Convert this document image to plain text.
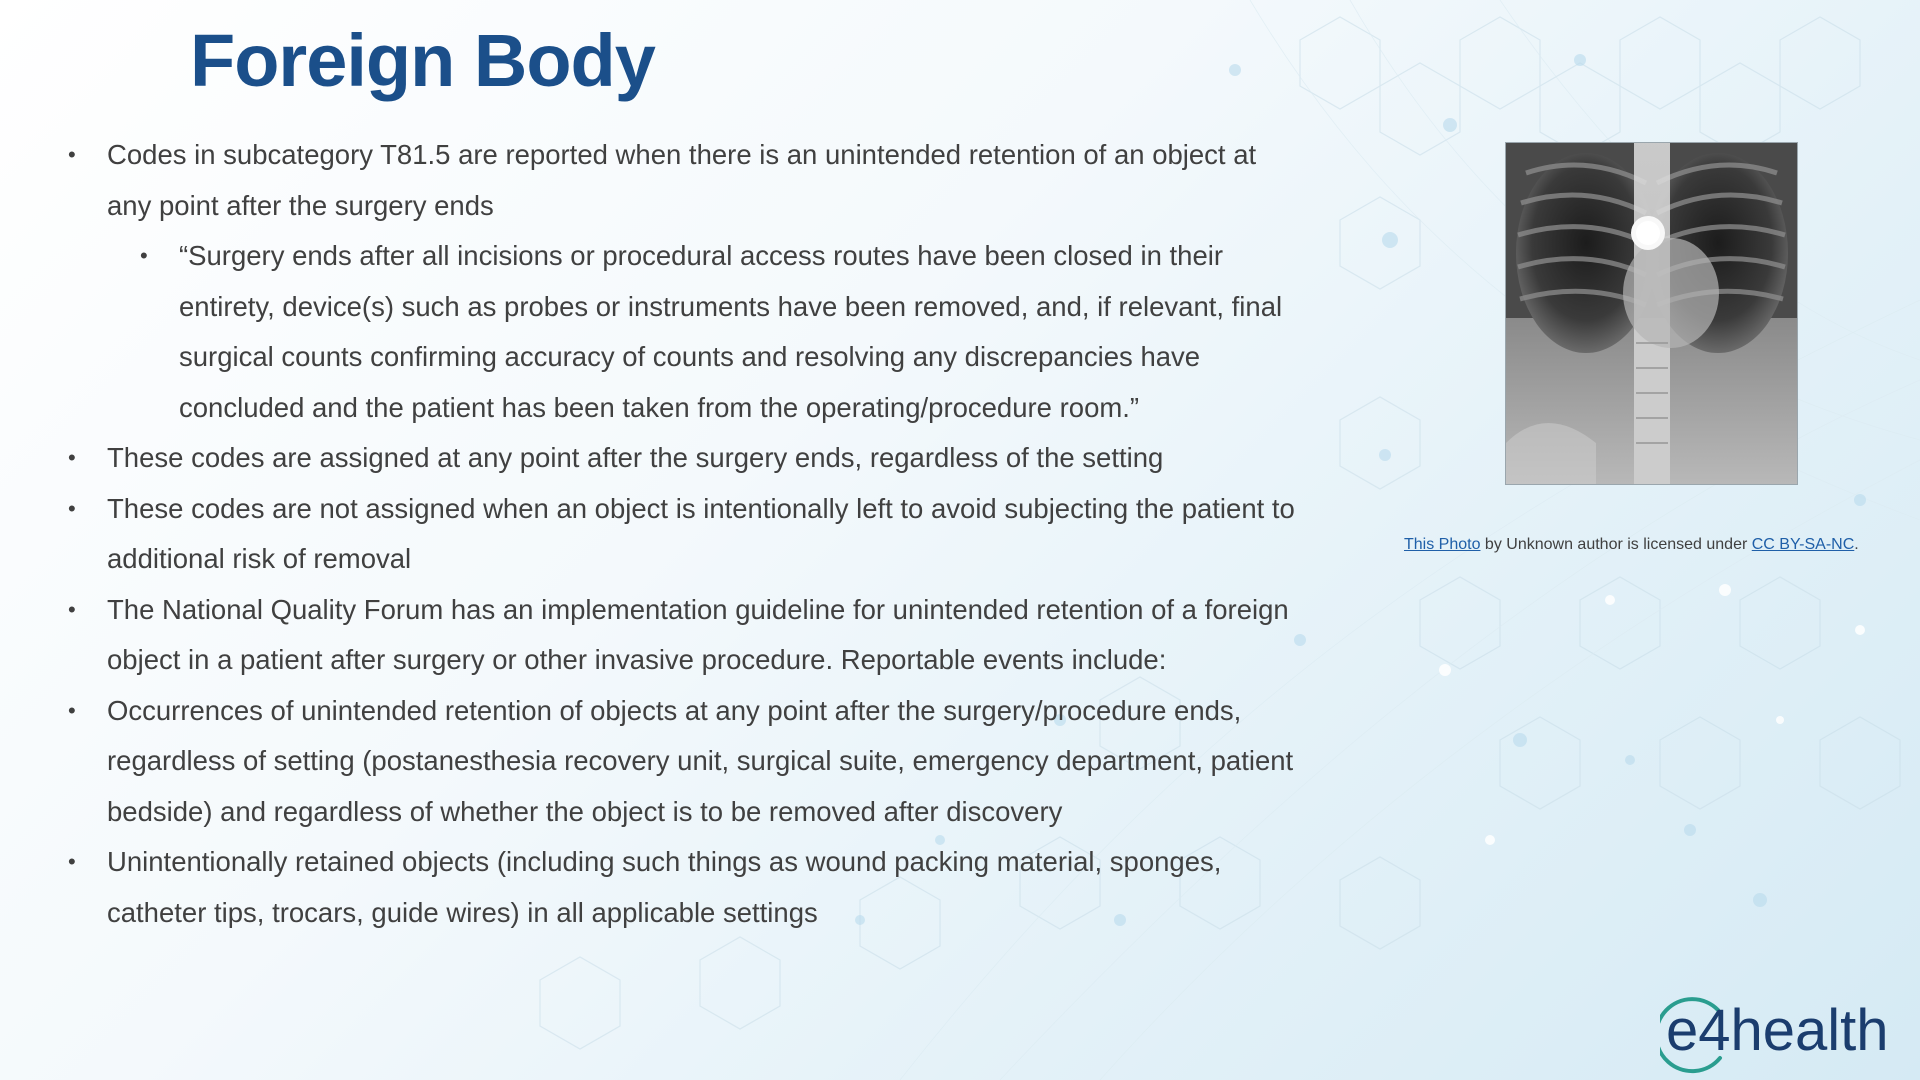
Foreign Body
• Codes in subcategory T81.5 are reported when there is an unintended retention of an object at any point after the surgery ends
• “Surgery ends after all incisions or procedural access routes have been closed in their entirety, device(s) such as probes or instruments have been removed, and, if relevant, final surgical counts confirming accuracy of counts and resolving any discrepancies have concluded and the patient has been taken from the operating/procedure room.”
• These codes are assigned at any point after the surgery ends, regardless of the setting
• These codes are not assigned when an object is intentionally left to avoid subjecting the patient to additional risk of removal
• The National Quality Forum has an implementation guideline for unintended retention of a foreign object in a patient after surgery or other invasive procedure. Reportable events include:
• Occurrences of unintended retention of objects at any point after the surgery/procedure ends, regardless of setting (postanesthesia recovery unit, surgical suite, emergency department, patient bedside) and regardless of whether the object is to be removed after discovery
• Unintentionally retained objects (including such things as wound packing material, sponges, catheter tips, trocars, guide wires) in all applicable settings
This Photo by Unknown author is licensed under CC BY-SA-NC.
e4health
